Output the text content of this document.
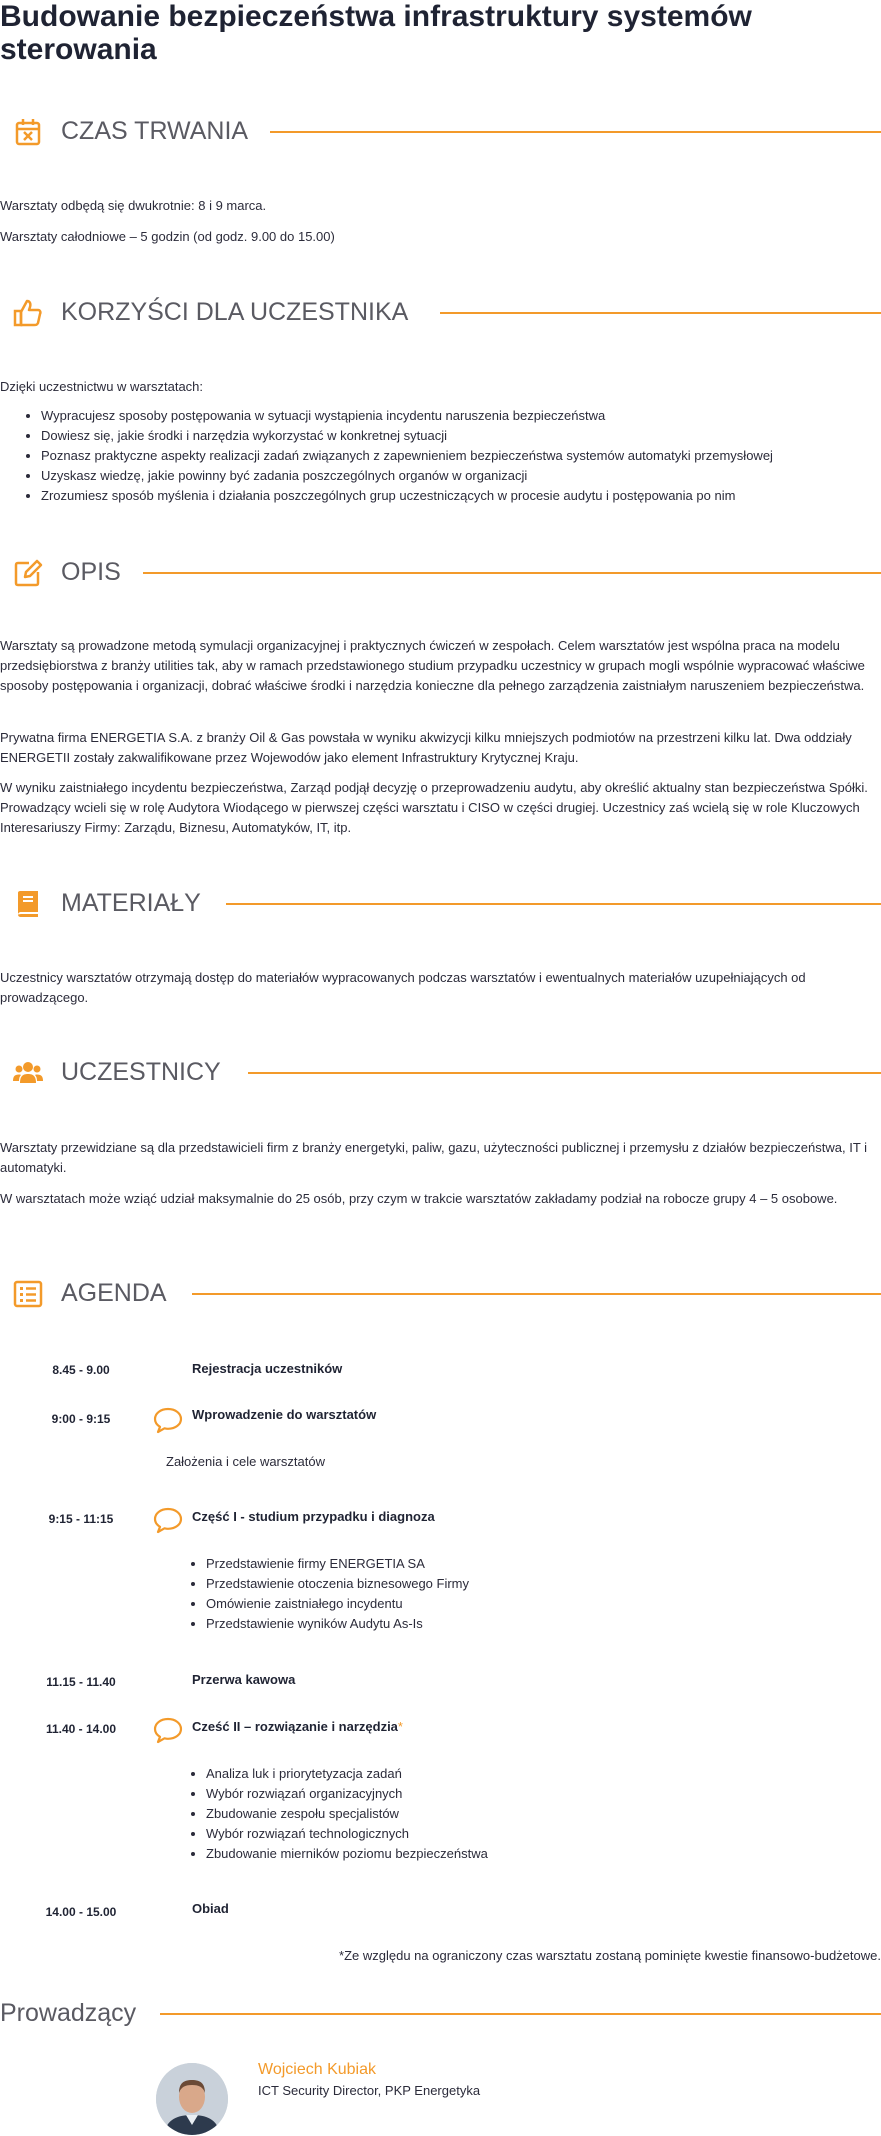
Budowanie bezpieczeństwa infrastruktury systemów sterowania
CZAS TRWANIA

Warsztaty odbędą się dwukrotnie: 8 i 9 marca.

Warsztaty całodniowe – 5 godzin (od godz. 9.00 do 15.00)

KORZYŚCI DLA UCZESTNIKA

Dzięki uczestnictwu w warsztatach:

• Wypracujesz sposoby postępowania w sytuacji wystąpienia incydentu naruszenia bezpieczeństwa
• Dowiesz się, jakie środki i narzędzia wykorzystać w konkretnej sytuacji
• Poznasz praktyczne aspekty realizacji zadań związanych z zapewnieniem bezpieczeństwa systemów automatyki przemysłowej
• Uzyskasz wiedzę, jakie powinny być zadania poszczególnych organów w organizacji
• Zrozumiesz sposób myślenia i działania poszczególnych grup uczestniczących w procesie audytu i postępowania po nim
OPIS

Warsztaty są prowadzone metodą symulacji organizacyjnej i praktycznych ćwiczeń w zespołach. Celem warsztatów jest wspólna praca na modelu przedsiębiorstwa z branży utilities tak, aby w ramach przedstawionego studium przypadku uczestnicy w grupach mogli wspólnie wypracować właściwe sposoby postępowania i organizacji, dobrać właściwe środki i narzędzia konieczne dla pełnego zarządzenia zaistniałym naruszeniem bezpieczeństwa.

Prywatna firma ENERGETIA S.A. z branży Oil & Gas powstała w wyniku akwizycji kilku mniejszych podmiotów na przestrzeni kilku lat. Dwa oddziały ENERGETII zostały zakwalifikowane przez Wojewodów jako element Infrastruktury Krytycznej Kraju.

W wyniku zaistniałego incydentu bezpieczeństwa, Zarząd podjął decyzję o przeprowadzeniu audytu, aby określić aktualny stan bezpieczeństwa Spółki. Prowadzący wcieli się w rolę Audytora Wiodącego w pierwszej części warsztatu i CISO w części drugiej. Uczestnicy zaś wcielą się w role Kluczowych Interesariuszy Firmy: Zarządu, Biznesu, Automatyków, IT, itp.

MATERIAŁY

Uczestnicy warsztatów otrzymają dostęp do materiałów wypracowanych podczas warsztatów i ewentualnych materiałów uzupełniających od prowadzącego.

UCZESTNICY

Warsztaty przewidziane są dla przedstawicieli firm z branży energetyki, paliw, gazu, użyteczności publicznej i przemysłu z działów bezpieczeństwa, IT i automatyki.

W warsztatach może wziąć udział maksymalnie do 25 osób, przy czym w trakcie warsztatów zakładamy podział na robocze grupy 4 – 5 osobowe.

AGENDA
8.45 - 9.00	Rejestracja uczestników
9:00 - 9:15	Wprowadzenie do warsztatów
Założenia i cele warsztatów
9:15 - 11:15	Część I - studium przypadku i diagnoza
• Przedstawienie firmy ENERGETIA SA
• Przedstawienie otoczenia biznesowego Firmy
• Omówienie zaistniałego incydentu
• Przedstawienie wyników Audytu As-Is
11.15 - 11.40	Przerwa kawowa
11.40 - 14.00	Cześć II – rozwiązanie i narzędzia*
• Analiza luk i priorytetyzacja zadań
• Wybór rozwiązań organizacyjnych
• Zbudowanie zespołu specjalistów
• Wybór rozwiązań technologicznych
• Zbudowanie mierników poziomu bezpieczeństwa
14.00 - 15.00	Obiad
*Ze względu na ograniczony czas warsztatu zostaną pominięte kwestie finansowo-budżetowe.
Prowadzący
Wojciech Kubiak
ICT Security Director, PKP Energetyka
